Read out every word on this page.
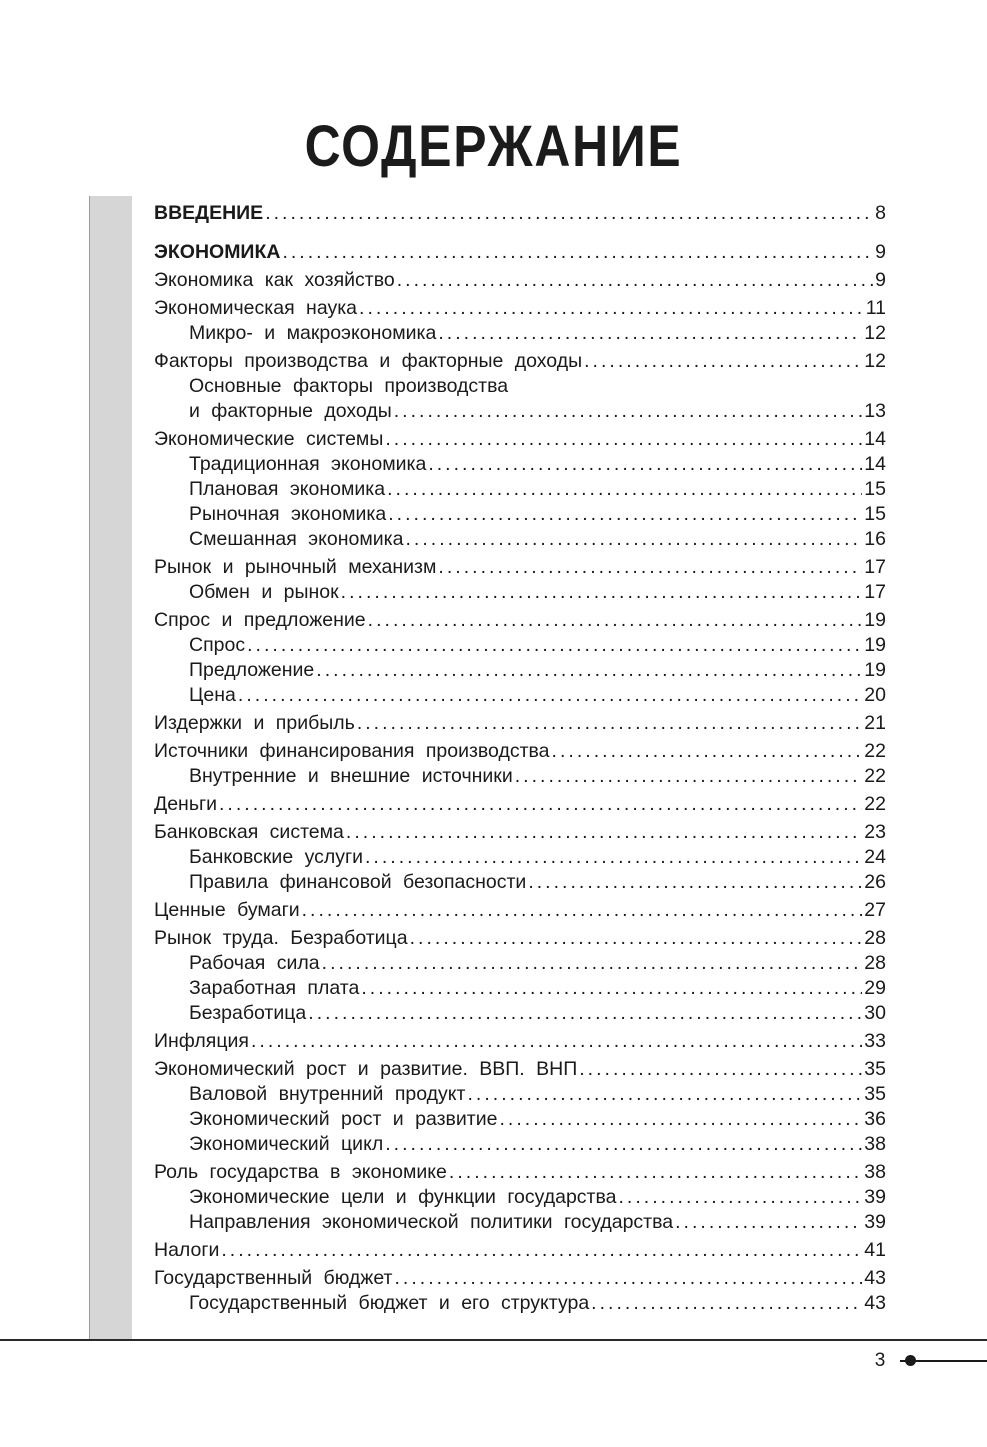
СОДЕРЖАНИЕ
ВВЕДЕНИЕ . . .	8
ЭКОНОМИКА . . .	9
Экономика как хозяйство . . .	9
Экономическая наука . . .	11
Микро- и макроэкономика . . .	12
Факторы производства и факторные доходы . . .	12
Основные факторы производства
и факторные доходы . . .	13
Экономические системы . . .	14
Традиционная экономика . . .	14
Плановая экономика . . .	15
Рыночная экономика . . .	15
Смешанная экономика . . .	16
Рынок и рыночный механизм . . .	17
Обмен и рынок . . .	17
Спрос и предложение . . .	19
Спрос . . .	19
Предложение . . .	19
Цена . . .	20
Издержки и прибыль . . .	21
Источники финансирования производства . . .	22
Внутренние и внешние источники . . .	22
Деньги . . .	22
Банковская система . . .	23
Банковские услуги . . .	24
Правила финансовой безопасности . . .	26
Ценные бумаги . . .	27
Рынок труда. Безработица . . .	28
Рабочая сила . . .	28
Заработная плата . . .	29
Безработица . . .	30
Инфляция . . .	33
Экономический рост и развитие. ВВП. ВНП . . .	35
Валовой внутренний продукт . . .	35
Экономический рост и развитие . . .	36
Экономический цикл . . .	38
Роль государства в экономике . . .	38
Экономические цели и функции государства . . .	39
Направления экономической политики государства . . .	39
Налоги . . .	41
Государственный бюджет . . .	43
Государственный бюджет и его структура . . .	43
3
